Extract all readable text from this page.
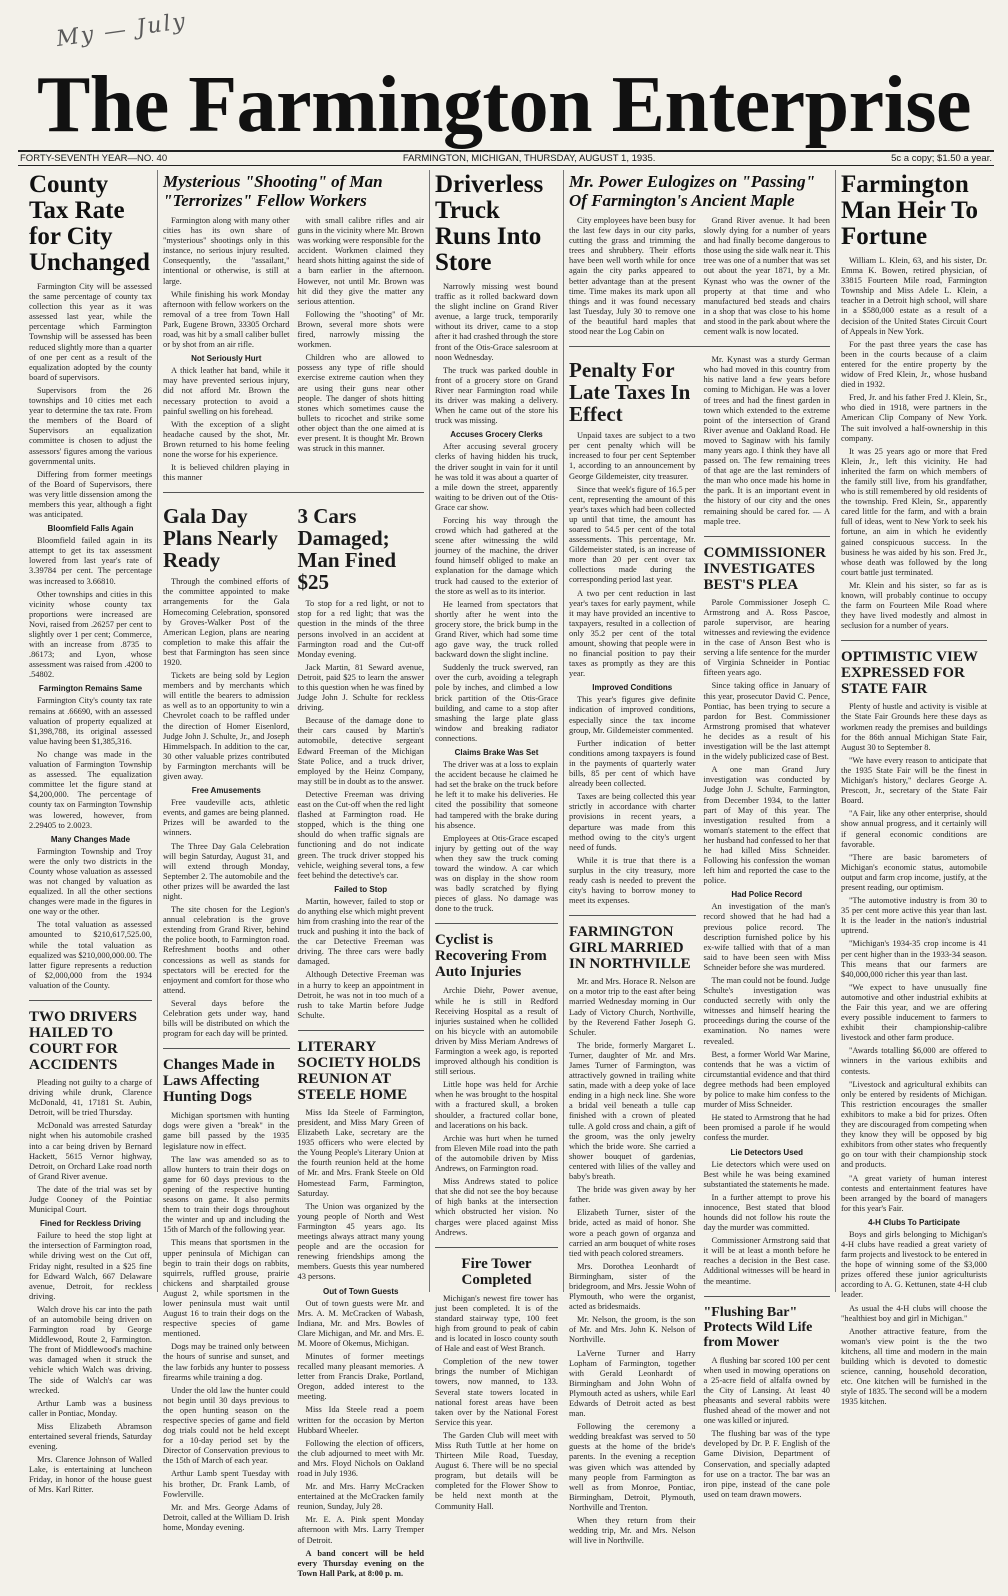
My — July
The Farmington Enterprise
FORTY-SEVENTH YEAR—NO. 40	FARMINGTON, MICHIGAN, THURSDAY, AUGUST 1, 1935.	5c a copy; $1.50 a year.
County Tax Rate for City Unchanged

Farmington City will be assessed the same percentage of county tax collection this year as it was assessed last year, while the percentage which Farmington Township will be assessed has been reduced slightly more than a quarter of one per cent as a result of the equalization adopted by the county board of supervisors.

Supervisors from the 26 townships and 10 cities met each year to determine the tax rate. From the members of the Board of Supervisors an equalization committee is chosen to adjust the assessors' figures among the various governmental units.

Differing from former meetings of the Board of Supervisors, there was very little dissension among the members this year, although a fight was anticipated.

Bloomfield Falls Again

Bloomfield failed again in its attempt to get its tax assessment lowered from last year's rate of 3.39784 per cent. The percentage was increased to 3.66810.

Other townships and cities in this vicinity whose county tax proportions were increased are Novi, raised from .26257 per cent to slightly over 1 per cent; Commerce, with an increase from .8735 to .86173; and Lyon, whose assessment was raised from .4200 to .54802.

Farmington Remains Same

Farmington City's county tax rate remains at .66690, with an assessed valuation of property equalized at $1,398,788, its original assessed value having been $1,385,316.

No change was made in the valuation of Farmington Township as assessed. The equalization committee let the figure stand at $4,200,000. The percentage of county tax on Farmington Township was lowered, however, from 2.29405 to 2.0023.

Many Changes Made

Farmington Township and Troy were the only two districts in the County whose valuation as assessed was not changed by valuation as equalized. In all the other sections changes were made in the figures in one way or the other.

The total valuation as assessed amounted to $210,617,525.00, while the total valuation as equalized was $210,000,000.00. The latter figure represents a reduction of $2,000,000 from the 1934 valuation of the County.

TWO DRIVERS HAILED TO COURT FOR ACCIDENTS

Pleading not guilty to a charge of driving while drunk, Clarence McDonald, 41, 17181 St. Aubin, Detroit, will be tried Thursday.

McDonald was arrested Saturday night when his automobile crashed into a car being driven by Bernard Hackett, 5615 Vernor highway, Detroit, on Orchard Lake road north of Grand River avenue.

The date of the trial was set by Judge Cooney of the Pointiac Municipal Court.

Fined for Reckless Driving

Failure to heed the stop light at the intersection of Farmington road, while driving west on the Cut off, Friday night, resulted in a $25 fine for Edward Walch, 667 Delaware avenue, Detroit, for reckless driving.

Walch drove his car into the path of an automobile being driven on Farmington road by George Middlewood, Route 2, Farmington. The front of Middlewood's machine was damaged when it struck the vehicle which Walch was driving. The side of Walch's car was wrecked.

Arthur Lamb was a business caller in Pontiac, Monday.

Miss Elizabeth Abramson entertained several friends, Saturday evening.

Mrs. Clarence Johnson of Walled Lake, is entertaining at luncheon Friday, in honor of the house guest of Mrs. Karl Ritter.

Mysterious "Shooting" of Man "Terrorizes" Fellow Workers

Farmington along with many other cities has its own share of "mysterious" shootings only in this instance, no serious injury resulted. Consequently, the "assailant," intentional or otherwise, is still at large.

While finishing his work Monday afternoon with fellow workers on the removal of a tree from Town Hall Park, Eugene Brown, 33305 Orchard road, was hit by a small caliber bullet or by shot from an air rifle.

Not Seriously Hurt

A thick leather hat band, while it may have prevented serious injury, did not afford Mr. Brown the necessary protection to avoid a painful swelling on his forehead.

With the exception of a slight headache caused by the shot, Mr. Brown returned to his home feeling none the worse for his experience.

It is believed children playing in this manner

with small calibre rifles and air guns in the vicinity where Mr. Brown was working were responsible for the accident. Workmen claimed they heard shots hitting against the side of a barn earlier in the afternoon. However, not until Mr. Brown was hit did they give the matter any serious attention.

Following the "shooting" of Mr. Brown, several more shots were fired, narrowly missing the workmen.

Children who are allowed to possess any type of rifle should exercise extreme caution when they are using their guns near other people. The danger of shots hitting stones which sometimes cause the bullets to ricochet and strike some other object than the one aimed at is ever present. It is thought Mr. Brown was struck in this manner.

Gala Day Plans Nearly Ready

Through the combined efforts of the committee appointed to make arrangements for the Gala Homecoming Celebration, sponsored by Groves-Walker Post of the American Legion, plans are nearing completion to make this affair the best that Farmington has seen since 1920.

Tickets are being sold by Legion members and by merchants which will entitle the bearers to admission as well as to an opportunity to win a Chevrolet coach to be raffled under the direction of Homer Eisenlord, Judge John J. Schulte, Jr., and Joseph Himmelspach. In addition to the car, 30 other valuable prizes contributed by Farmington merchants will be given away.

Free Amusements

Free vaudeville acts, athletic events, and games are being planned. Prizes will be awarded to the winners.

The Three Day Gala Celebration will begin Saturday, August 31, and will extend through Monday, September 2. The automobile and the other prizes will be awarded the last night.

The site chosen for the Legion's annual celebration is the grove extending from Grand River, behind the police booth, to Farmington road. Refreshment booths and other concessions as well as stands for spectators will be erected for the enjoyment and comfort for those who attend.

Several days before the Celebration gets under way, hand bills will be distributed on which the program for each day will be printed.

Changes Made in Laws Affecting Hunting Dogs

Michigan sportsmen with hunting dogs were given a "break" in the game bill passed by the 1935 legislature now in effect.

The law was amended so as to allow hunters to train their dogs on game for 60 days previous to the opening of the respective hunting seasons on game. It also permits them to train their dogs throughout the winter and up and including the 15th of March of the following year.

This means that sportsmen in the upper peninsula of Michigan can begin to train their dogs on rabbits, squirrels, ruffled grouse, prairie chickens and sharptailed grouse August 2, while sportsmen in the lower peninsula must wait until August 16 to train their dogs on the respective species of game mentioned.

Dogs may be trained only between the hours of sunrise and sunset, and the law forbids any hunter to possess firearms while training a dog.

Under the old law the hunter could not begin until 30 days previous to the open hunting season on the respective species of game and field dog trials could not be held except for a 10-day period set by the Director of Conservation previous to the 15th of March of each year.

Arthur Lamb spent Tuesday with his brother, Dr. Frank Lamb, of Fowlerville.

Mr. and Mrs. George Adams of Detroit, called at the William D. Irish home, Monday evening.

3 Cars Damaged; Man Fined $25

To stop for a red light, or not to stop for a red light; that was the question in the minds of the three persons involved in an accident at Farmington road and the Cut-off Monday evening.

Jack Martin, 81 Seward avenue, Detroit, paid $25 to learn the answer to this question when he was fined by Judge John J. Schulte for reckless driving.

Because of the damage done to their cars caused by Martin's automobile, detective sergeant Edward Freeman of the Michigan State Police, and a truck driver, employed by the Heinz Company, may still be in doubt as to the answer.

Detective Freeman was driving east on the Cut-off when the red light flashed at Farmington road. He stopped, which is the thing one should do when traffic signals are functioning and do not indicate green. The truck driver stopped his vehicle, weighing several tons, a few feet behind the detective's car.

Failed to Stop

Martin, however, failed to stop or do anything else which might prevent him from crashing into the rear of the truck and pushing it into the back of the car Detective Freeman was driving. The three cars were badly damaged.

Although Detective Freeman was in a hurry to keep an appointment in Detroit, he was not in too much of a rush to take Martin before Judge Schulte.

LITERARY SOCIETY HOLDS REUNION AT STEELE HOME

Miss Ida Steele of Farmington, president, and Miss Mary Green of Elizabeth Lake, secretary are the 1935 officers who were elected by the Young People's Literary Union at the fourth reunion held at the home of Mr. and Mrs. Frank Steele on Old Homestead Farm, Farmington, Saturday.

The Union was organized by the young people of North and West Farmington 45 years ago. Its meetings always attract many young people and are the occasion for renewing friendships among the members. Guests this year numbered 43 persons.

Out of Town Guests

Out of town guests were Mr. and Mrs. A. M. McCracken of Wabash, Indiana, Mr. and Mrs. Bowles of Clare Michigan, and Mr. and Mrs. E. M. Moore of Okemus, Michigan.

Minutes of former meetings recalled many pleasant memories. A letter from Francis Drake, Portland, Oregon, added interest to the meeting.

Miss Ida Steele read a poem written for the occasion by Merton Hubbard Wheeler.

Following the election of officers, the club adjourned to meet with Mr. and Mrs. Floyd Nichols on Oakland road in July 1936.

Mr. and Mrs. Harry McCracken entertained at the McCracken family reunion, Sunday, July 28.

Mr. E. A. Pink spent Monday afternoon with Mrs. Larry Tremper of Detroit.

A band concert will be held every Thursday evening on the Town Hall Park, at 8:00 p. m.

Driverless Truck Runs Into Store

Narrowly missing west bound traffic as it rolled backward down the slight incline on Grand River avenue, a large truck, temporarily without its driver, came to a stop after it had crashed through the store front of the Otis-Grace salesroom at noon Wednesday.

The truck was parked double in front of a grocery store on Grand River near Farmington road while its driver was making a delivery. When he came out of the store his truck was missing.

Accuses Grocery Clerks

After accusing several grocery clerks of having hidden his truck, the driver sought in vain for it until he was told it was about a quarter of a mile down the street, apparently waiting to be driven out of the Otis-Grace car show.

Forcing his way through the crowd which had gathered at the scene after witnessing the wild journey of the machine, the driver found himself obliged to make an explanation for the damage which truck had caused to the exterior of the store as well as to its interior.

He learned from spectators that shortly after he went into the grocery store, the brick bump in the Grand River, which had some time ago gave way, the truck rolled backward down the slight incline.

Suddenly the truck swerved, ran over the curb, avoiding a telegraph pole by inches, and climbed a low brick partition of the Otis-Grace building, and came to a stop after smashing the large plate glass window and breaking radiator connections.

Claims Brake Was Set

The driver was at a loss to explain the accident because he claimed he had set the brake on the truck before he left it to make his deliveries. He cited the possibility that someone had tampered with the brake during his absence.

Employees at Otis-Grace escaped injury by getting out of the way when they saw the truck coming toward the window. A car which was on display in the show room was badly scratched by flying pieces of glass. No damage was done to the truck.

Cyclist is Recovering From Auto Injuries

Archie Diehr, Power avenue, while he is still in Redford Receiving Hospital as a result of injuries sustained when he collided on his bicycle with an automobile driven by Miss Meriam Andrews of Farmington a week ago, is reported improved although his condition is still serious.

Little hope was held for Archie when he was brought to the hospital with a fractured skull, a broken shoulder, a fractured collar bone, and lacerations on his back.

Archie was hurt when he turned from Eleven Mile road into the path of the automobile driven by Miss Andrews, on Farmington road.

Miss Andrews stated to police that she did not see the boy because of high banks at the intersection which obstructed her vision. No charges were placed against Miss Andrews.

Fire Tower Completed

Michigan's newest fire tower has just been completed. It is of the standard stairway type, 100 feet high from ground to peak of cabin and is located in Iosco county south of Hale and east of West Branch.

Completion of the new tower brings the number of Michigan towers, now manned, to 133. Several state towers located in national forest areas have been taken over by the National Forest Service this year.

The Garden Club will meet with Miss Ruth Tuttle at her home on Thirteen Mile Road, Tuesday, August 6. There will be no special program, but details will be completed for the Flower Show to be held next month at the Community Hall.

Mr. Power Eulogizes on "Passing" Of Farmington's Ancient Maple

City employees have been busy for the last few days in our city parks, cutting the grass and trimming the trees and shrubbery. Their efforts have been well worth while for once again the city parks appeared to better advantage than at the present time. Time makes its mark upon all things and it was found necessary last Tuesday, July 30 to remove one of the beautiful hard maples that stood near the Log Cabin on

Grand River avenue. It had been slowly dying for a number of years and had finally become dangerous to those using the side walk near it. This tree was one of a number that was set out about the year 1871, by a Mr. Kynast who was the owner of the property at that time and who manufactured bed steads and chairs in a shop that was close to his home and stood in the park about where the cement walk is now located.

Penalty For Late Taxes In Effect

Unpaid taxes are subject to a two per cent penalty which will be increased to four per cent September 1, according to an announcement by George Gildemeister, city treasurer.

Since that week's figure of 16.5 per cent, representing the amount of this year's taxes which had been collected up until that time, the amount has soared to 54.5 per cent of the total assessments. This percentage, Mr. Gildemeister stated, is an increase of more than 20 per cent over tax collections made during the corresponding period last year.

A two per cent reduction in last year's taxes for early payment, while it may have provided an incentive to taxpayers, resulted in a collection of only 35.2 per cent of the total amount, showing that people were in no financial position to pay their taxes as promptly as they are this year.

Improved Conditions

This year's figures give definite indication of improved conditions, especially since the tax income group, Mr. Gildemeister commented.

Further indication of better conditions among taxpayers is found in the payments of quarterly water bills, 85 per cent of which have already been collected.

Taxes are being collected this year strictly in accordance with charter provisions in recent years, a departure was made from this method owing to the city's urgent need of funds.

While it is true that there is a surplus in the city treasury, more ready cash is needed to prevent the city's having to borrow money to meet its expenses.

FARMINGTON GIRL MARRIED IN NORTHVILLE

Mr. and Mrs. Horace R. Nelson are on a motor trip to the east after being married Wednesday morning in Our Lady of Victory Church, Northville, by the Reverend Father Joseph G. Schuler.

The bride, formerly Margaret L. Turner, daughter of Mr. and Mrs. James Turner of Farmington, was attractively gowned in trailing white satin, made with a deep yoke of lace ending in a high neck line. She wore a bridal veil beneath a tulle cap finished with a crown of pleated tulle. A gold cross and chain, a gift of the groom, was the only jewelry which the bride wore. She carried a shower bouquet of gardenias, centered with lilies of the valley and baby's breath.

The bride was given away by her father.

Elizabeth Turner, sister of the bride, acted as maid of honor. She wore a peach gown of organza and carried an arm bouquet of white roses tied with peach colored streamers.

Mrs. Dorothea Leonhardt of Birmingham, sister of the bridegroom, and Mrs. Jessie Wohn of Plymouth, who were the organist, acted as bridesmaids.

Mr. Nelson, the groom, is the son of Mr. and Mrs. John K. Nelson of Northville.

LaVerne Turner and Harry Lopham of Farmington, together with Gerald Leonhardt of Birmingham and John Wohn of Plymouth acted as ushers, while Earl Edwards of Detroit acted as best man.

Following the ceremony a wedding breakfast was served to 50 guests at the home of the bride's parents. In the evening a reception was given which was attended by many people from Farmington as well as from Monroe, Pontiac, Birmingham, Detroit, Plymouth, Northville and Trenton.

When they return from their wedding trip, Mr. and Mrs. Nelson will live in Northville.

Mr. Kynast was a sturdy German who had moved in this country from his native land a few years before coming to Michigan. He was a lover of trees and had the finest garden in town which extended to the extreme point of the intersection of Grand River avenue and Oakland Road. He moved to Saginaw with his family many years ago. I think they have all passed on. The few remaining trees of that age are the last reminders of the man who once made his home in the park. It is an important event in the history of our city and the ones remaining should be cared for. — A maple tree.

COMMISSIONER INVESTIGATES BEST'S PLEA

Parole Commissioner Joseph C. Armstrong and A. Ross Pascoe, parole supervisor, are hearing witnesses and reviewing the evidence in the case of Anson Best who is serving a life sentence for the murder of Virginia Schneider in Pontiac fifteen years ago.

Since taking office in January of this year, prosecutor David C. Pence, Pontiac, has been trying to secure a pardon for Best. Commissioner Armstrong promised that whatever he decides as a result of his investigation will be the last attempt in the widely publicized case of Best.

A one man Grand Jury investigation was conducted by Judge John J. Schulte, Farmington, from December 1934, to the latter part of May of this year. The investigation resulted from a woman's statement to the effect that her husband had confessed to her that he had killed Miss Schneider. Following his confession the woman left him and reported the case to the police.

Had Police Record

An investigation of the man's record showed that he had had a previous police record. The description furnished police by his ex-wife tallied with that of a man said to have been seen with Miss Schneider before she was murdered.

The man could not be found. Judge Schulte's investigation was conducted secretly with only the witnesses and himself hearing the proceedings during the course of the examination. No names were revealed.

Best, a former World War Marine, contends that he was a victim of circumstantial evidence and that third degree methods had been employed by police to make him confess to the murder of Miss Schneider.

He stated to Armstrong that he had been promised a parole if he would confess the murder.

Lie Detectors Used

Lie detectors which were used on Best while he was being examined substantiated the statements he made.

In a further attempt to prove his innocence, Best stated that blood hounds did not follow his route the day the murder was committed.

Commissioner Armstrong said that it will be at least a month before he reaches a decision in the Best case. Additional witnesses will be heard in the meantime.

"Flushing Bar" Protects Wild Life from Mower

A flushing bar scored 100 per cent when used in mowing operations on a 25-acre field of alfalfa owned by the City of Lansing. At least 40 pheasants and several rabbits were flushed ahead of the mower and not one was killed or injured.

The flushing bar was of the type developed by Dr. P. F. English of the Game Division, Department of Conservation, and specially adapted for use on a tractor. The bar was an iron pipe, instead of the cane pole used on team drawn mowers.

Farmington Man Heir To Fortune

William L. Klein, 63, and his sister, Dr. Emma K. Bowen, retired physician, of 33815 Fourteen Mile road, Farmington Township and Miss Adele L. Klein, a teacher in a Detroit high school, will share in a $580,000 estate as a result of a decision of the United States Circuit Court of Appeals in New York.

For the past three years the case has been in the courts because of a claim entered for the entire property by the widow of Fred Klein, Jr., whose husband died in 1932.

Fred, Jr. and his father Fred J. Klein, Sr., who died in 1918, were partners in the American Clip Company of New York. The suit involved a half-ownership in this company.

It was 25 years ago or more that Fred Klein, Jr., left this vicinity. He had inherited the farm on which members of the family still live, from his grandfather, who is still remembered by old residents of the township. Fred Klein, Sr., apparently cared little for the farm, and with a brain full of ideas, went to New York to seek his fortune, an aim in which he evidently gained conspicuous success. In the business he was aided by his son. Fred Jr., whose death was followed by the long court battle just terminated.

Mr. Klein and his sister, so far as is known, will probably continue to occupy the farm on Fourteen Mile Road where they have lived modestly and almost in seclusion for a number of years.

OPTIMISTIC VIEW EXPRESSED FOR STATE FAIR

Plenty of hustle and activity is visible at the State Fair Grounds here these days as workmen ready the premises and buildings for the 86th annual Michigan State Fair, August 30 to September 8.

"We have every reason to anticipate that the 1935 State Fair will be the finest in Michigan's history," declares George A. Prescott, Jr., secretary of the State Fair Board.

"A Fair, like any other enterprise, should show annual progress, and it certainly will if general economic conditions are favorable.

"There are basic barometers of Michigan's economic status, automobile output and farm crop income, justify, at the present reading, our optimism.

"The automotive industry is from 30 to 35 per cent more active this year than last. It is the leader in the nation's industrial uptrend.

"Michigan's 1934-35 crop income is 41 per cent higher than in the 1933-34 season. This means that our farmers are $40,000,000 richer this year than last.

"We expect to have unusually fine automotive and other industrial exhibits at the Fair this year, and we are offering every possible inducement to farmers to exhibit their championship-calibre livestock and other farm produce.

"Awards totalling $6,000 are offered to winners in the various exhibits and contests.

"Livestock and agricultural exhibits can only be entered by residents of Michigan. This restriction encourages the smaller exhibitors to make a bid for prizes. Often they are discouraged from competing when they know they will be opposed by big exhibitors from other states who frequently go on tour with their championship stock and products.

"A great variety of human interest contests and entertainment features have been arranged by the board of managers for this year's Fair.

4-H Clubs To Participate

Boys and girls belonging to Michigan's 4-H clubs have readied a great variety of farm projects and livestock to be entered in the hope of winning some of the $3,000 prizes offered these junior agriculturists according to A. G. Kettunen, state 4-H club leader.

As usual the 4-H clubs will choose the "healthiest boy and girl in Michigan."

Another attractive feature, from the woman's view point is the the two kitchens, all time and modern in the main building which is devoted to domestic science, canning, household decoration, etc. One kitchen will be furnished in the style of 1835. The second will be a modern 1935 kitchen.
